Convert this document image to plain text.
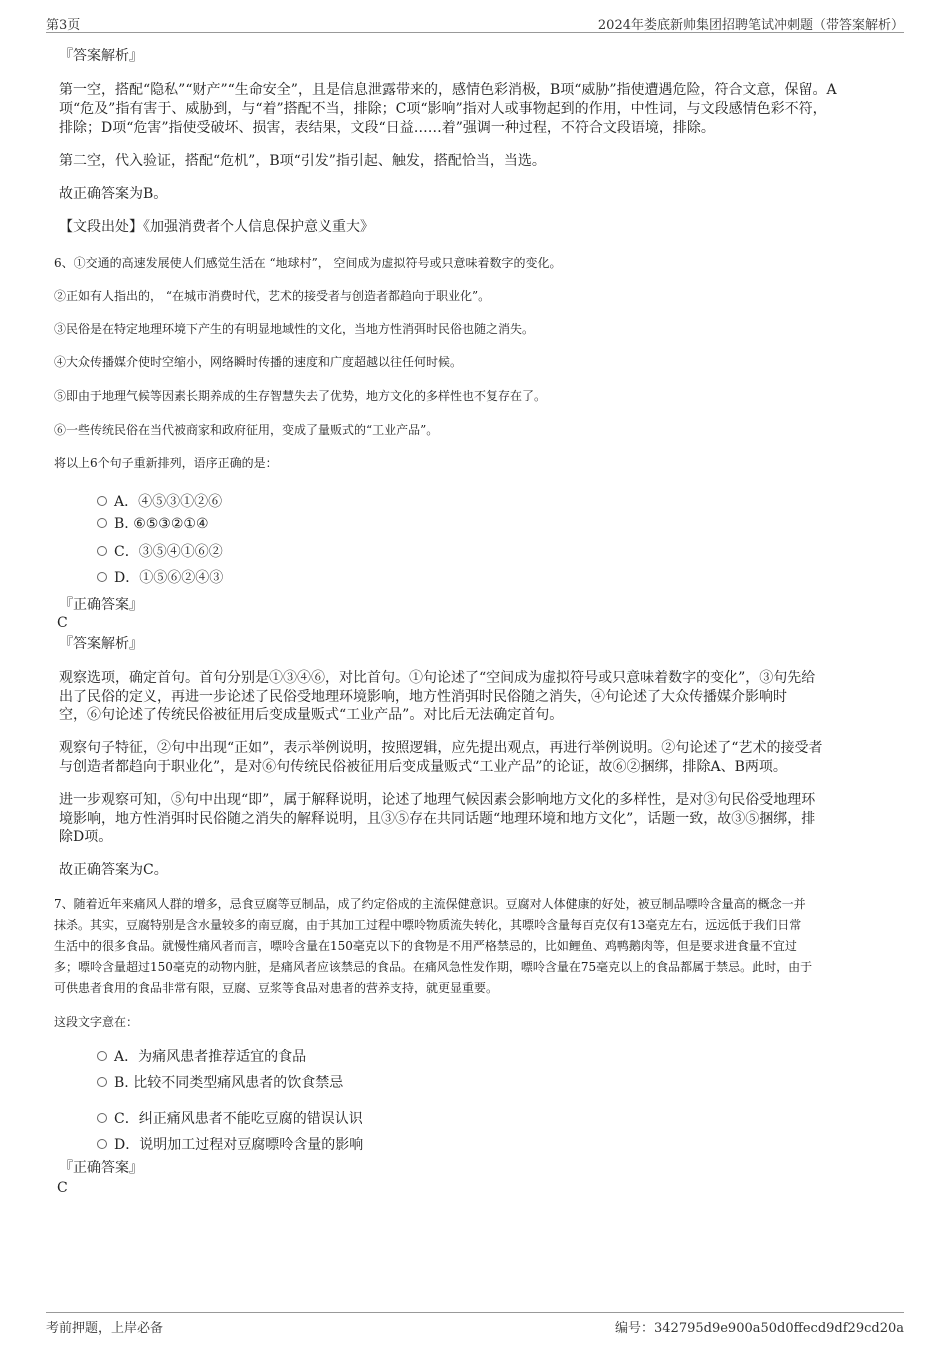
第3页	2024年娄底新帅集团招聘笔试冲刺题（带答案解析）
『答案解析』
第一空，搭配“隐私”“财产”“生命安全”，且是信息泄露带来的，感情色彩消极，B项“威胁”指使遭遇危险，符合文意，保留。A
项“危及”指有害于、威胁到，与“着”搭配不当，排除；C项“影响”指对人或事物起到的作用，中性词，与文段感情色彩不符，
排除；D项“危害”指使受破坏、损害，表结果，文段“日益……着”强调一种过程，不符合文段语境，排除。
第二空，代入验证，搭配“危机”，B项“引发”指引起、触发，搭配恰当，当选。
故正确答案为B。
【文段出处】《加强消费者个人信息保护意义重大》
6、①交通的高速发展使人们感觉生活在 “地球村”， 空间成为虚拟符号或只意味着数字的变化。
②正如有人指出的， “在城市消费时代，艺术的接受者与创造者都趋向于职业化”。
③民俗是在特定地理环境下产生的有明显地域性的文化，当地方性消弭时民俗也随之消失。
④大众传播媒介使时空缩小，网络瞬时传播的速度和广度超越以往任何时候。
⑤即由于地理气候等因素长期养成的生存智慧失去了优势，地方文化的多样性也不复存在了。
⑥一些传统民俗在当代被商家和政府征用，变成了量贩式的“工业产品”。
将以上6个句子重新排列，语序正确的是：
A．④⑤③①②⑥
B. ⑥⑤③②①④
C．③⑤④①⑥②
D．①⑤⑥②④③
『正确答案』
C
『答案解析』
观察选项，确定首句。首句分别是①③④⑥，对比首句。①句论述了“空间成为虚拟符号或只意味着数字的变化”，③句先给
出了民俗的定义，再进一步论述了民俗受地理环境影响，地方性消弭时民俗随之消失，④句论述了大众传播媒介影响时
空，⑥句论述了传统民俗被征用后变成量贩式“工业产品”。对比后无法确定首句。
观察句子特征，②句中出现“正如”，表示举例说明，按照逻辑，应先提出观点，再进行举例说明。②句论述了“艺术的接受者
与创造者都趋向于职业化”，是对⑥句传统民俗被征用后变成量贩式“工业产品”的论证，故⑥②捆绑，排除A、B两项。
进一步观察可知，⑤句中出现“即”，属于解释说明，论述了地理气候因素会影响地方文化的多样性，是对③句民俗受地理环
境影响，地方性消弭时民俗随之消失的解释说明，且③⑤存在共同话题“地理环境和地方文化”，话题一致，故③⑤捆绑，排
除D项。
故正确答案为C。
7、随着近年来痛风人群的增多，忌食豆腐等豆制品，成了约定俗成的主流保健意识。豆腐对人体健康的好处，被豆制品嘌呤含量高的概念一并
抹杀。其实，豆腐特别是含水量较多的南豆腐，由于其加工过程中嘌呤物质流失转化，其嘌呤含量每百克仅有13毫克左右，远远低于我们日常
生活中的很多食品。就慢性痛风者而言，嘌呤含量在150毫克以下的食物是不用严格禁忌的，比如鲤鱼、鸡鸭鹅肉等，但是要求进食量不宜过
多；嘌呤含量超过150毫克的动物内脏，是痛风者应该禁忌的食品。在痛风急性发作期，嘌呤含量在75毫克以上的食品都属于禁忌。此时，由于
可供患者食用的食品非常有限，豆腐、豆浆等食品对患者的营养支持，就更显重要。
这段文字意在：
A．为痛风患者推荐适宜的食品
B. 比较不同类型痛风患者的饮食禁忌
C．纠正痛风患者不能吃豆腐的错误认识
D．说明加工过程对豆腐嘌呤含量的影响
『正确答案』
C
考前押题，上岸必备	编号：342795d9e900a50d0ffecd9df29cd20a
